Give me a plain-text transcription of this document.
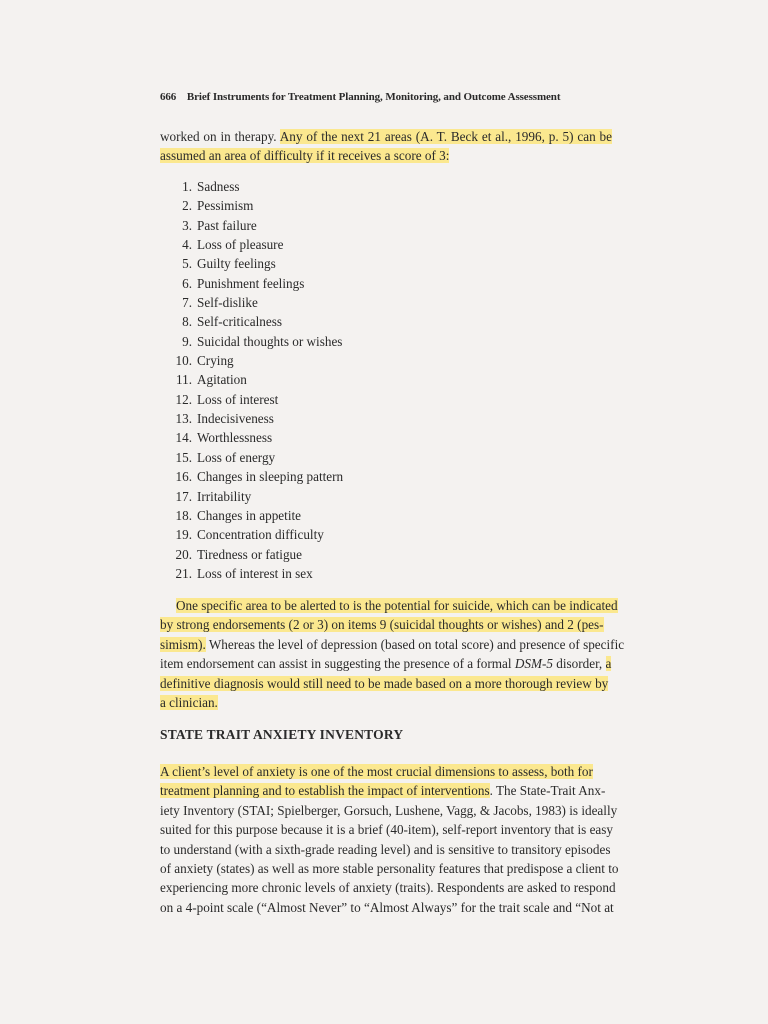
666 Brief Instruments for Treatment Planning, Monitoring, and Outcome Assessment
worked on in therapy. Any of the next 21 areas (A. T. Beck et al., 1996, p. 5) can be
assumed an area of difficulty if it receives a score of 3:
1. Sadness
2. Pessimism
3. Past failure
4. Loss of pleasure
5. Guilty feelings
6. Punishment feelings
7. Self-dislike
8. Self-criticalness
9. Suicidal thoughts or wishes
10. Crying
11. Agitation
12. Loss of interest
13. Indecisiveness
14. Worthlessness
15. Loss of energy
16. Changes in sleeping pattern
17. Irritability
18. Changes in appetite
19. Concentration difficulty
20. Tiredness or fatigue
21. Loss of interest in sex
One specific area to be alerted to is the potential for suicide, which can be indicated
by strong endorsements (2 or 3) on items 9 (suicidal thoughts or wishes) and 2 (pes-
simism). Whereas the level of depression (based on total score) and presence of specific
item endorsement can assist in suggesting the presence of a formal DSM-5 disorder, a
definitive diagnosis would still need to be made based on a more thorough review by
a clinician.
STATE TRAIT ANXIETY INVENTORY
A client’s level of anxiety is one of the most crucial dimensions to assess, both for
treatment planning and to establish the impact of interventions. The State-Trait Anx-
iety Inventory (STAI; Spielberger, Gorsuch, Lushene, Vagg, & Jacobs, 1983) is ideally
suited for this purpose because it is a brief (40-item), self-report inventory that is easy
to understand (with a sixth-grade reading level) and is sensitive to transitory episodes
of anxiety (states) as well as more stable personality features that predispose a client to
experiencing more chronic levels of anxiety (traits). Respondents are asked to respond
on a 4-point scale (“Almost Never” to “Almost Always” for the trait scale and “Not at
